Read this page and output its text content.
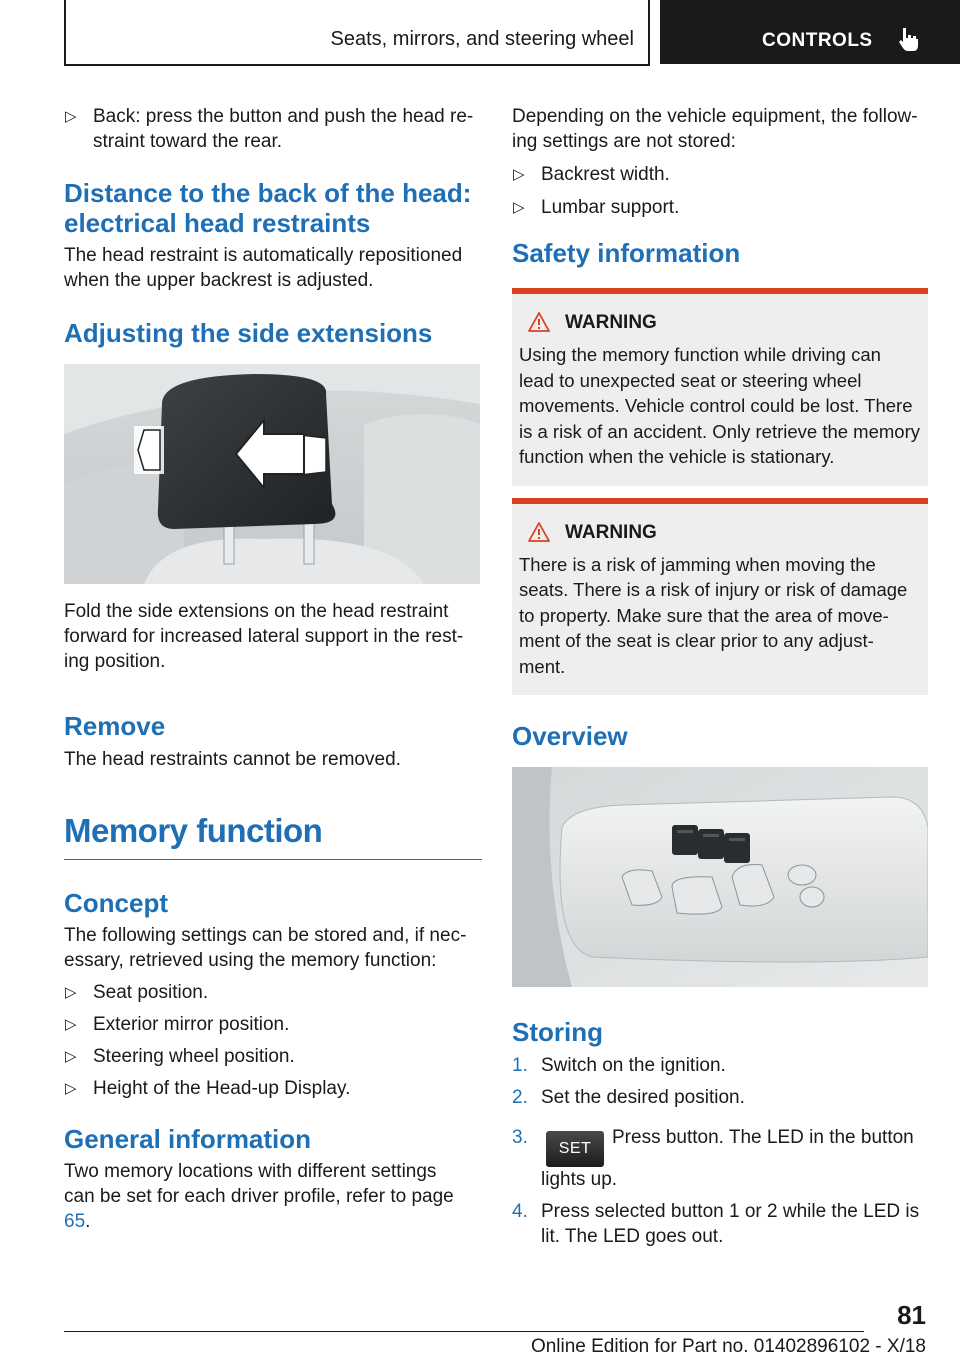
Seats, mirrors, and steering wheel	CONTROLS
▷ Back: press the button and push the head re- straint toward the rear.
Distance to the back of the head: electrical head restraints

The head restraint is automatically repositioned when the upper backrest is adjusted.

Adjusting the side extensions

Fold the side extensions on the head restraint forward for increased lateral support in the rest- ing position.

Remove

The head restraints cannot be removed.

Memory function
Concept

The following settings can be stored and, if nec- essary, retrieved using the memory function:

▷ Seat position.
▷ Exterior mirror position.
▷ Steering wheel position.
▷ Height of the Head-up Display.
General information

Two memory locations with different settings can be set for each driver profile, refer to page 65.

Depending on the vehicle equipment, the follow- ing settings are not stored:

▷ Backrest width.
▷ Lumbar support.
Safety information
WARNING

Using the memory function while driving can lead to unexpected seat or steering wheel movements. Vehicle control could be lost. There is a risk of an accident. Only retrieve the memory function when the vehicle is stationary.

WARNING

There is a risk of jamming when moving the seats. There is a risk of injury or risk of damage to property. Make sure that the area of move- ment of the seat is clear prior to any adjust- ment.

Overview
Storing
1. Switch on the ignition.
2. Set the desired position.
3.
SETPress button. The LED in the button lights up.
4. Press selected button 1 or 2 while the LED is lit. The LED goes out.
81
Online Edition for Part no. 01402896102 - X/18
